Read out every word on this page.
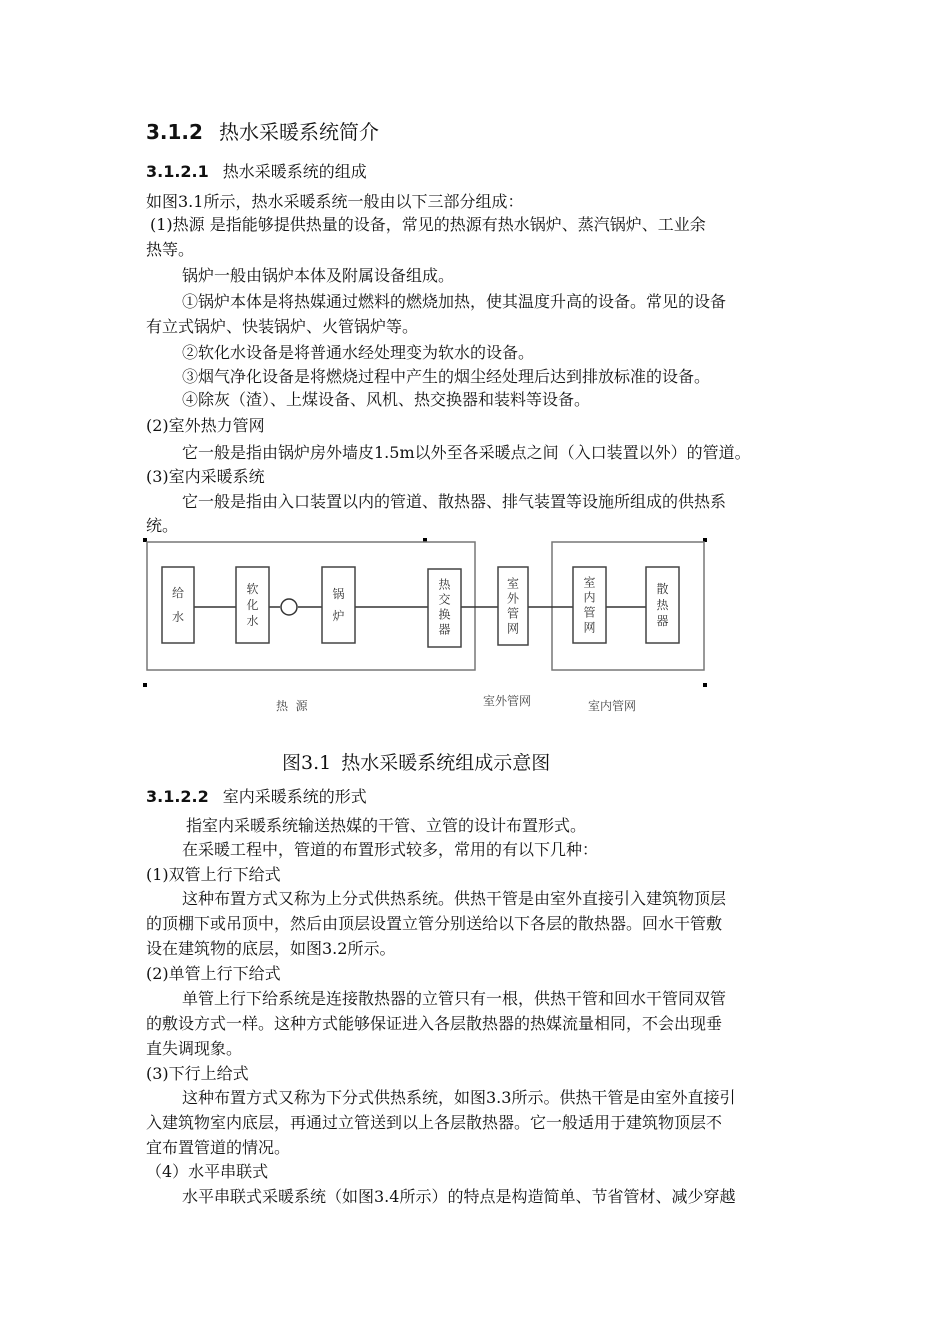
3.1.2 热水采暖系统简介
3.1.2.1 热水采暖系统的组成
如图3.1所示，热水采暖系统一般由以下三部分组成：
(1)热源 是指能够提供热量的设备，常见的热源有热水锅炉、蒸汽锅炉、工业余
热等。
锅炉一般由锅炉本体及附属设备组成。
①锅炉本体是将热媒通过燃料的燃烧加热，使其温度升高的设备。常见的设备
有立式锅炉、快装锅炉、火管锅炉等。
②软化水设备是将普通水经处理变为软水的设备。
③烟气净化设备是将燃烧过程中产生的烟尘经处理后达到排放标准的设备。
④除灰（渣）、上煤设备、风机、热交换器和装料等设备。
(2)室外热力管网
它一般是指由锅炉房外墙皮1.5m以外至各采暖点之间（入口装置以外）的管道。
(3)室内采暖系统
它一般是指由入口装置以内的管道、散热器、排气装置等设施所组成的供热系
统。
给水
软化水
锅炉
热交换器
室外管网
室内管网
散热器
热  源	室外管网	室内管网
图3.1 热水采暖系统组成示意图
3.1.2.2 室内采暖系统的形式
指室内采暖系统输送热媒的干管、立管的设计布置形式。
在采暖工程中，管道的布置形式较多，常用的有以下几种：
(1)双管上行下给式
这种布置方式又称为上分式供热系统。供热干管是由室外直接引入建筑物顶层
的顶棚下或吊顶中，然后由顶层设置立管分别送给以下各层的散热器。回水干管敷
设在建筑物的底层，如图3.2所示。
(2)单管上行下给式
单管上行下给系统是连接散热器的立管只有一根，供热干管和回水干管同双管
的敷设方式一样。这种方式能够保证进入各层散热器的热媒流量相同，不会出现垂
直失调现象。
(3)下行上给式
这种布置方式又称为下分式供热系统，如图3.3所示。供热干管是由室外直接引
入建筑物室内底层，再通过立管送到以上各层散热器。它一般适用于建筑物顶层不
宜布置管道的情况。
（4）水平串联式
水平串联式采暖系统（如图3.4所示）的特点是构造简单、节省管材、减少穿越
